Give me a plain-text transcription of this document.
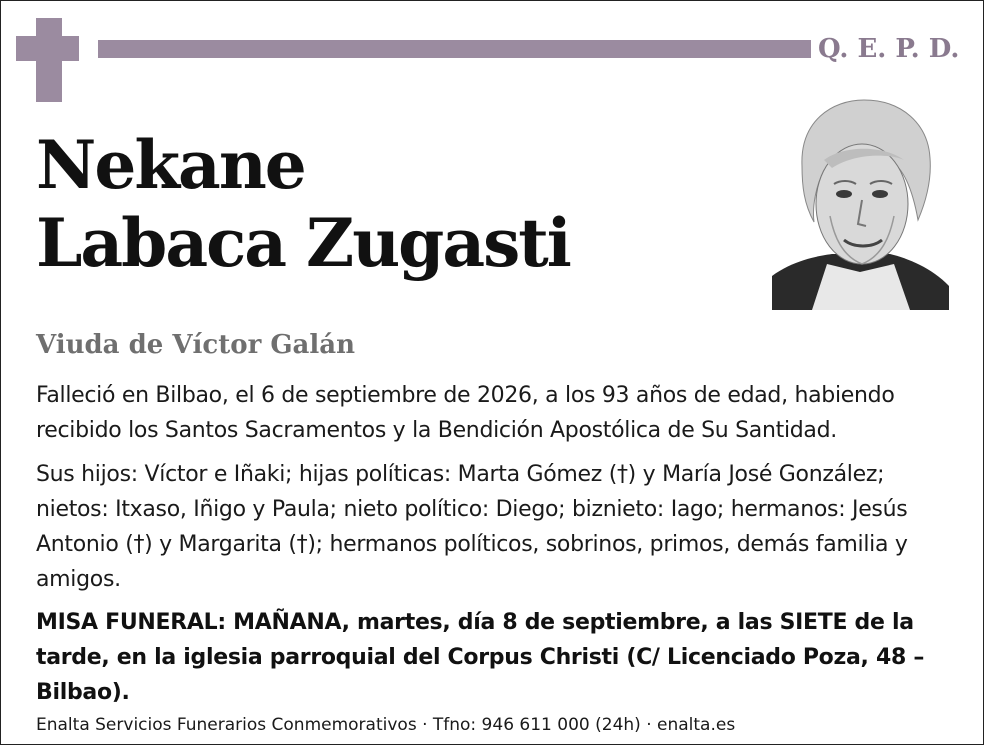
Q. E. P. D.
Nekane
Labaca Zugasti
Viuda de Víctor Galán
Falleció en Bilbao, el 6 de septiembre de 2026, a los 93 años de edad, habiendo recibido los Santos Sacramentos y la Bendición Apostólica de Su Santidad.
Sus hijos: Víctor e Iñaki; hijas políticas: Marta Gómez (†) y María José González; nietos: Itxaso, Iñigo y Paula; nieto político: Diego; biznieto: Iago; hermanos: Jesús Antonio (†) y Margarita (†); hermanos políticos, sobrinos, primos, demás familia y amigos.
MISA FUNERAL: MAÑANA, martes, día 8 de septiembre, a las SIETE de la tarde, en la iglesia parroquial del Corpus Christi (C/ Licenciado Poza, 48 – Bilbao).
Enalta Servicios Funerarios Conmemorativos · Tfno: 946 611 000 (24h) · enalta.es
